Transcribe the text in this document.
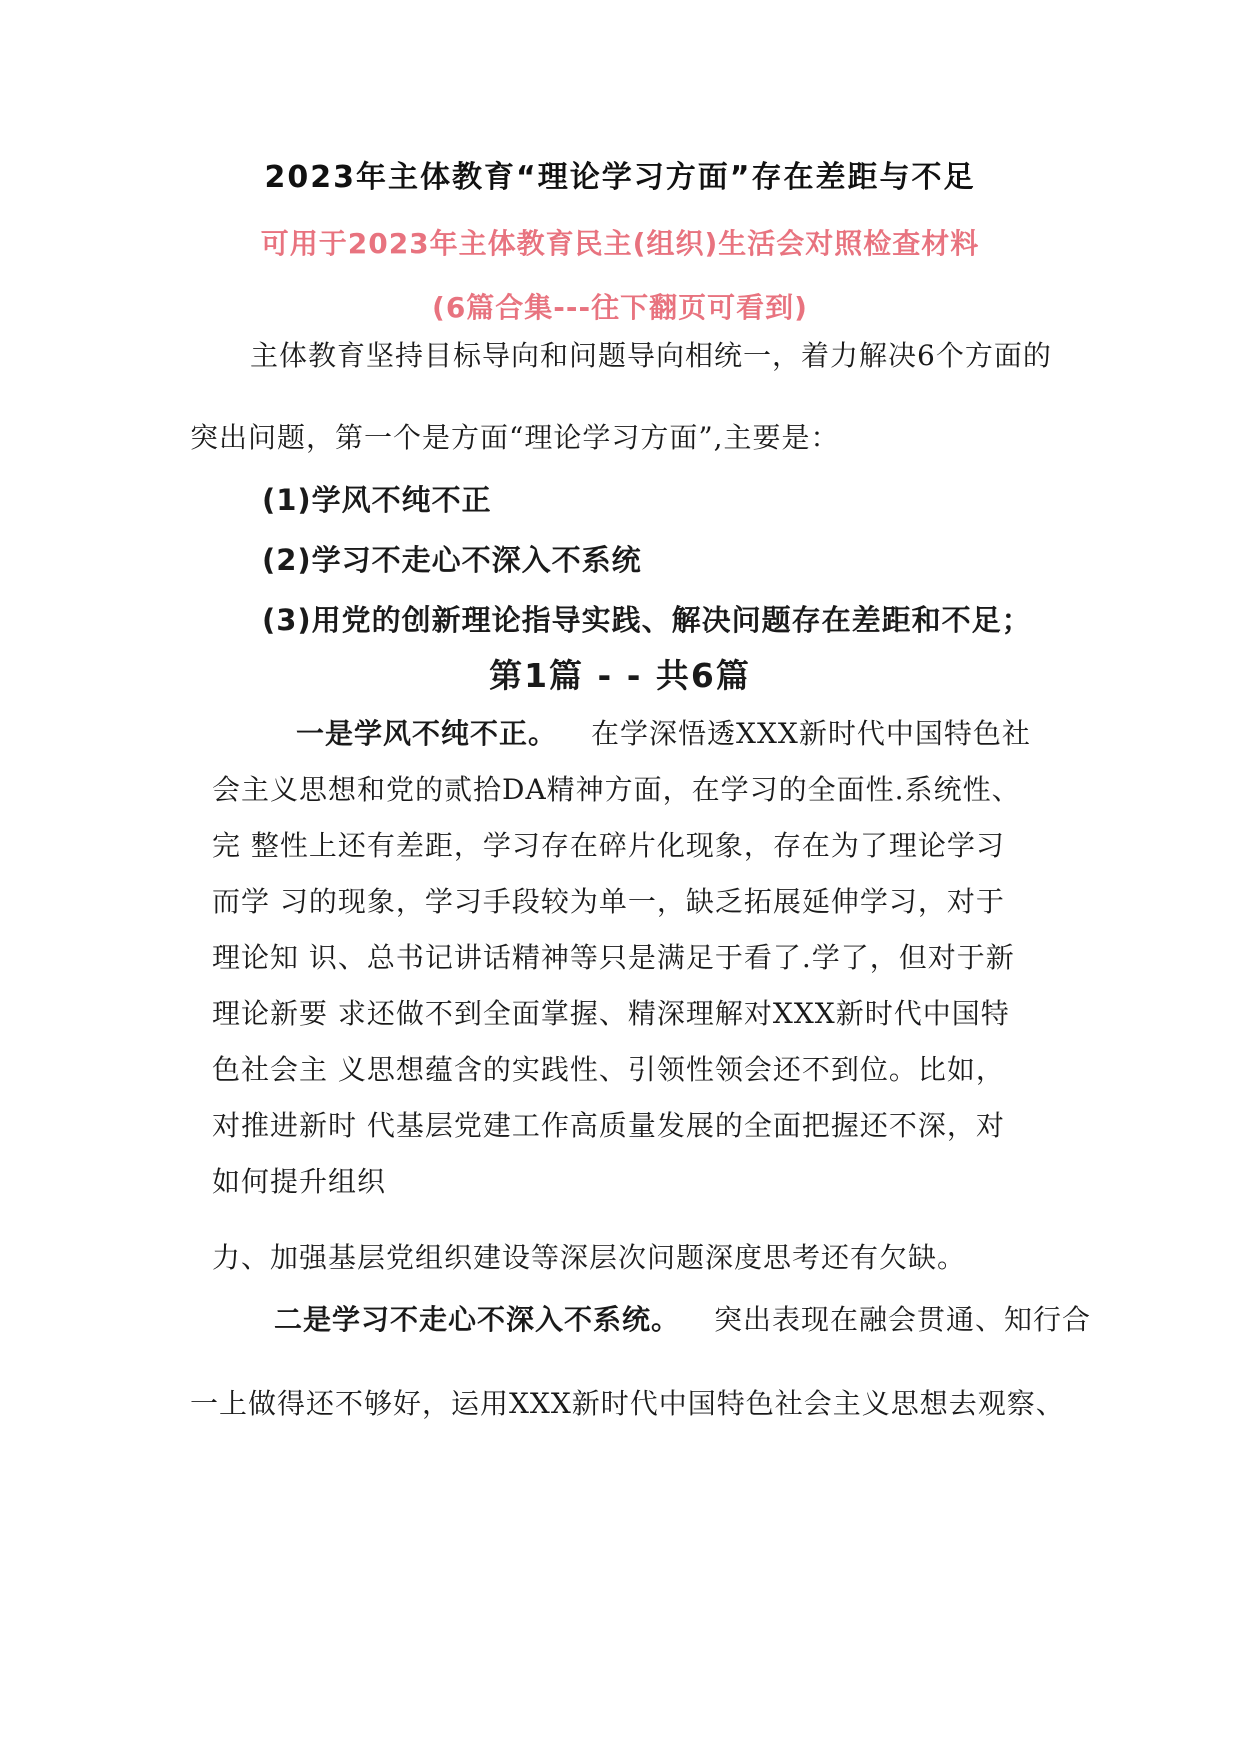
2023年主体教育“理论学习方面”存在差距与不足

可用于2023年主体教育民主(组织)生活会对照检查材料

(6篇合集---往下翻页可看到)

主体教育坚持目标导向和问题导向相统一，着力解决6个方面的

突出问题，第一个是方面“理论学习方面”,主要是：

(1)学风不纯不正

(2)学习不走心不深入不系统

(3)用党的创新理论指导实践、解决问题存在差距和不足；

第1篇 - - 共6篇

一是学风不纯不正。 在学深悟透XXX新时代中国特色社

会主义思想和党的贰拾DA精神方面，在学习的全面性.系统性、

完 整性上还有差距，学习存在碎片化现象，存在为了理论学习

而学 习的现象，学习手段较为单一，缺乏拓展延伸学习，对于

理论知 识、总书记讲话精神等只是满足于看了.学了，但对于新

理论新要 求还做不到全面掌握、精深理解对XXX新时代中国特

色社会主 义思想蕴含的实践性、引领性领会还不到位。比如，

对推进新时 代基层党建工作高质量发展的全面把握还不深，对

如何提升组织

力、加强基层党组织建设等深层次问题深度思考还有欠缺。

二是学习不走心不深入不系统。 突出表现在融会贯通、知行合

一上做得还不够好，运用XXX新时代中国特色社会主义思想去观察、
